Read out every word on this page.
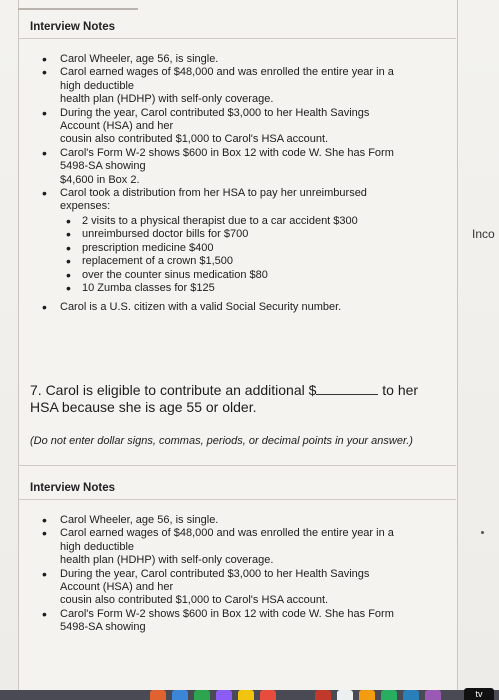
Interview Notes
• Carol Wheeler, age 56, is single.
• Carol earned wages of $48,000 and was enrolled the entire year in a
high deductible
health plan (HDHP) with self-only coverage.
• During the year, Carol contributed $3,000 to her Health Savings
Account (HSA) and her
cousin also contributed $1,000 to Carol's HSA account.
• Carol's Form W-2 shows $600 in Box 12 with code W. She has Form
5498-SA showing
$4,600 in Box 2.
• Carol took a distribution from her HSA to pay her unreimbursed
expenses:
• 2 visits to a physical therapist due to a car accident $300
• unreimbursed doctor bills for $700
• prescription medicine $400
• replacement of a crown $1,500
• over the counter sinus medication $80
• 10 Zumba classes for $125
• Carol is a U.S. citizen with a valid Social Security number.
7. Carol is eligible to contribute an additional $	to her
HSA because she is age 55 or older.
(Do not enter dollar signs, commas, periods, or decimal points in your answer.)
Interview Notes
• Carol Wheeler, age 56, is single.
• Carol earned wages of $48,000 and was enrolled the entire year in a
high deductible
health plan (HDHP) with self-only coverage.
• During the year, Carol contributed $3,000 to her Health Savings
Account (HSA) and her
cousin also contributed $1,000 to Carol's HSA account.
• Carol's Form W-2 shows $600 in Box 12 with code W. She has Form
5498-SA showing
Inco
tv
